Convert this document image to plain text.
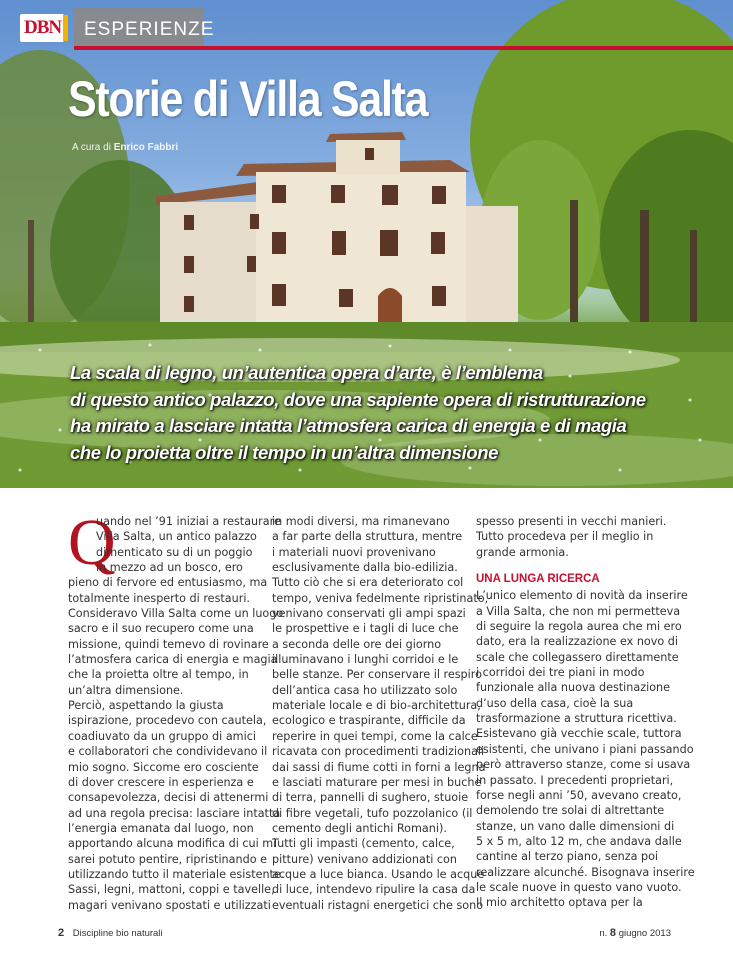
DBN ESPERIENZE
Storie di Villa Salta
A cura di Enrico Fabbri
La scala di legno, un’autentica opera d’arte, è l’emblema
di questo antico palazzo, dove una sapiente opera di ristrutturazione
ha mirato a lasciare intatta l’atmosfera carica di energia e di magia
che lo proietta oltre il tempo in un’altra dimensione
Q
uando nel ’91 iniziai a restaurare
Villa Salta, un antico palazzo
dimenticato su di un poggio
in mezzo ad un bosco, ero
pieno di fervore ed entusiasmo, ma
totalmente inesperto di restauri.
Consideravo Villa Salta come un luogo
sacro e il suo recupero come una
missione, quindi temevo di rovinare
l’atmosfera carica di energia e magia
che la proietta oltre al tempo, in
un’altra dimensione.
Perciò, aspettando la giusta
ispirazione, procedevo con cautela,
coadiuvato da un gruppo di amici
e collaboratori che condividevano il
mio sogno. Siccome ero cosciente
di dover crescere in esperienza e
consapevolezza, decisi di attenermi
ad una regola precisa: lasciare intatta
l’energia emanata dal luogo, non
apportando alcuna modifica di cui mi
sarei potuto pentire, ripristinando e
utilizzando tutto il materiale esistente.
Sassi, legni, mattoni, coppi e tavelle,
magari venivano spostati e utilizzati
in modi diversi, ma rimanevano
a far parte della struttura, mentre
i materiali nuovi provenivano
esclusivamente dalla bio-edilizia.
Tutto ciò che si era deteriorato col
tempo, veniva fedelmente ripristinato,
venivano conservati gli ampi spazi
le prospettive e i tagli di luce che
a seconda delle ore dei giorno
illuminavano i lunghi corridoi e le
belle stanze. Per conservare il respiro
dell’antica casa ho utilizzato solo
materiale locale e di bio-architettura,
ecologico e traspirante, difficile da
reperire in quei tempi, come la calce
ricavata con procedimenti tradizionali
dai sassi di fiume cotti in forni a legna
e lasciati maturare per mesi in buche
di terra, pannelli di sughero, stuoie
di fibre vegetali, tufo pozzolanico (il
cemento degli antichi Romani).
Tutti gli impasti (cemento, calce,
pitture) venivano addizionati con
acque a luce bianca. Usando le acque
di luce, intendevo ripulire la casa da
eventuali ristagni energetici che sono
spesso presenti in vecchi manieri.
Tutto procedeva per il meglio in
grande armonia.
UNA LUNGA RICERCA
L’unico elemento di novità da inserire
a Villa Salta, che non mi permetteva
di seguire la regola aurea che mi ero
dato, era la realizzazione ex novo di
scale che collegassero direttamente
i corridoi dei tre piani in modo
funzionale alla nuova destinazione
d’uso della casa, cioè la sua
trasformazione a struttura ricettiva.
Esistevano già vecchie scale, tuttora
esistenti, che univano i piani passando
però attraverso stanze, come si usava
in passato. I precedenti proprietari,
forse negli anni ’50, avevano creato,
demolendo tre solai di altrettante
stanze, un vano dalle dimensioni di
5 x 5 m, alto 12 m, che andava dalle
cantine al terzo piano, senza poi
realizzare alcunché. Bisognava inserire
le scale nuove in questo vano vuoto.
Il mio architetto optava per la
2 Discipline bio naturali	n. 8 giugno 2013
